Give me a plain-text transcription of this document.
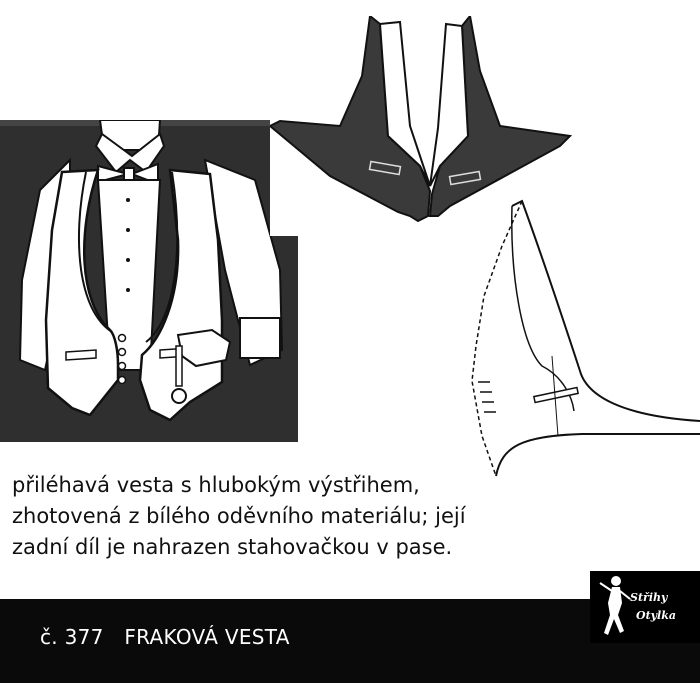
přiléhavá vesta s hlubokým výstřihem,
zhotovená z bílého oděvního materiálu; její
zadní díl je nahrazen stahovačkou v pase.

č. 377 FRAKOVÁ VESTA
Střihy
Otylka
